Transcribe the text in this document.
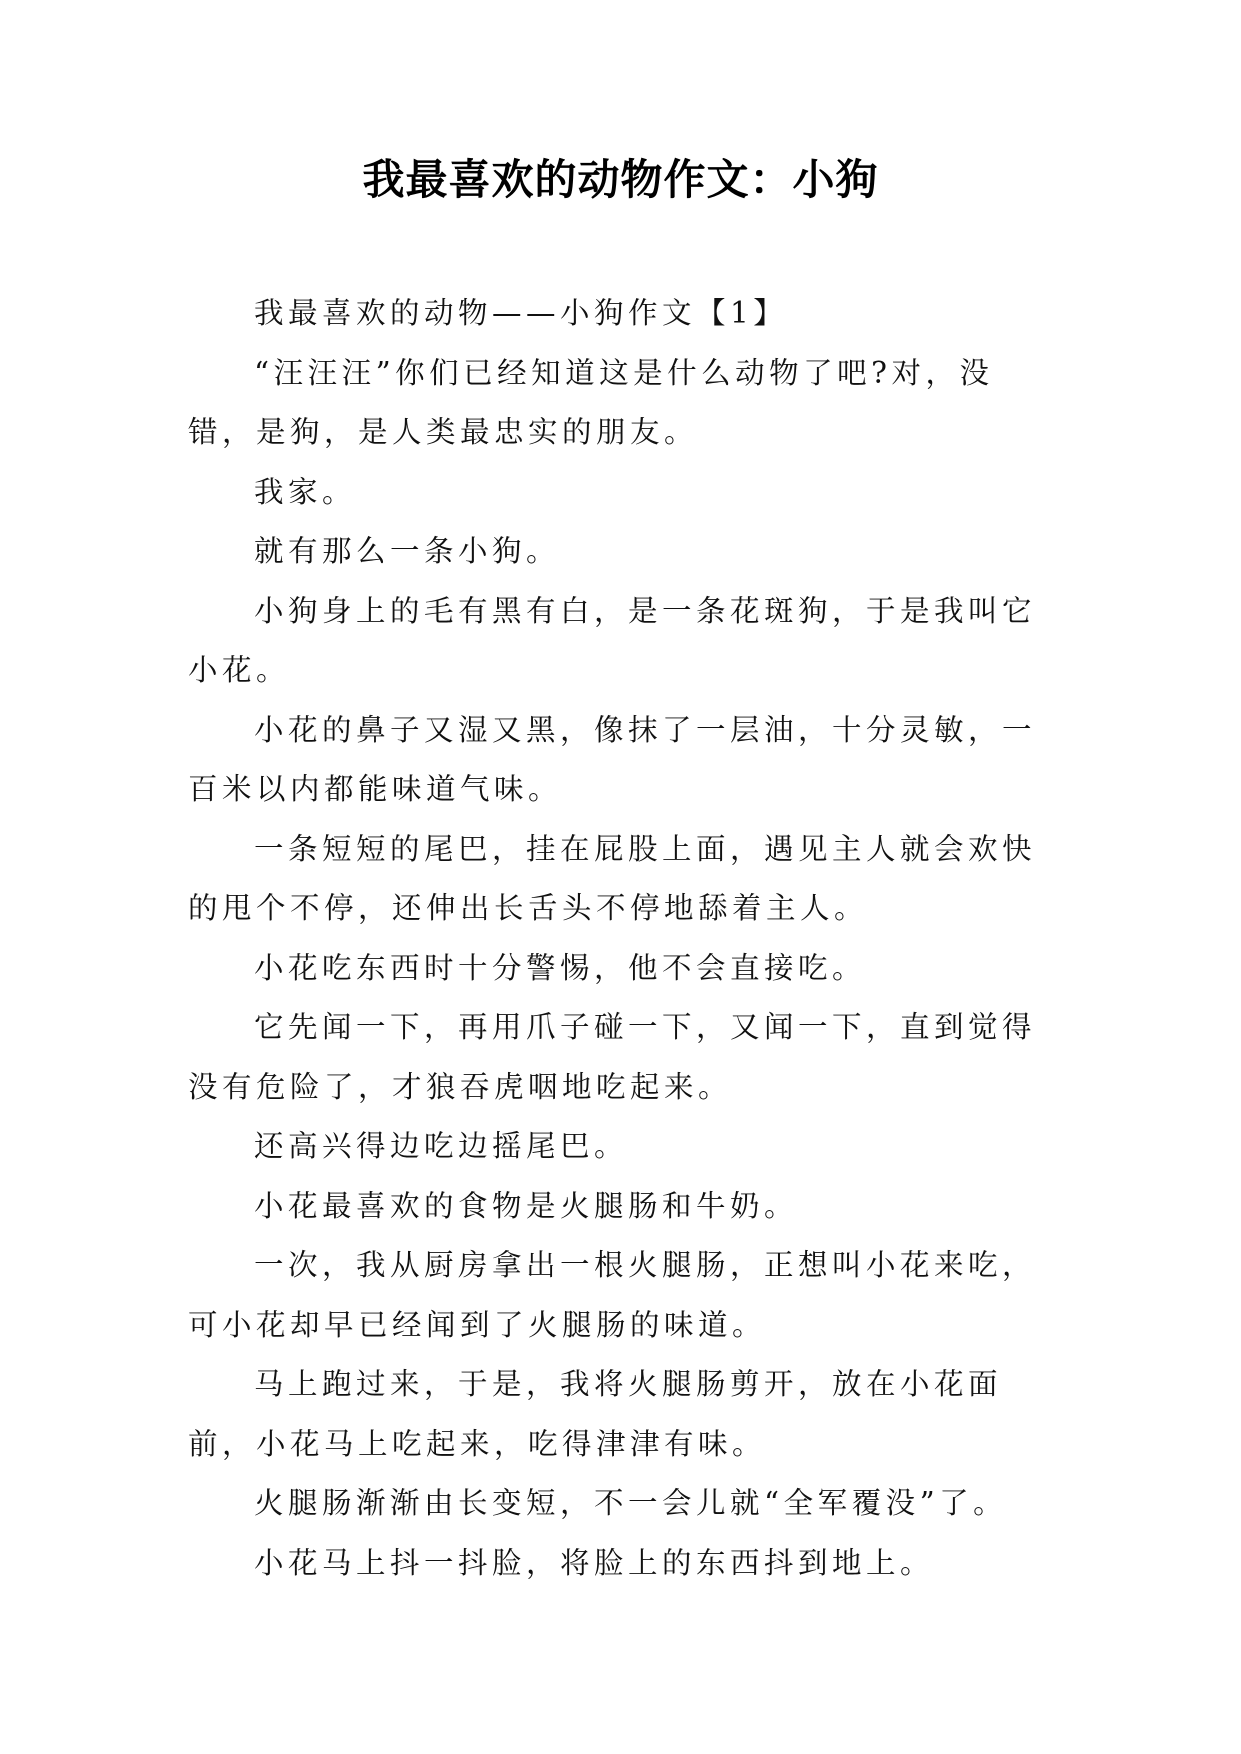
我最喜欢的动物作文：小狗

我最喜欢的动物——小狗作文【1】

“汪汪汪”你们已经知道这是什么动物了吧?对，没错，是狗，是人类最忠实的朋友。

我家。

就有那么一条小狗。

小狗身上的毛有黑有白，是一条花斑狗，于是我叫它小花。

小花的鼻子又湿又黑，像抹了一层油，十分灵敏，一百米以内都能味道气味。

一条短短的尾巴，挂在屁股上面，遇见主人就会欢快的甩个不停，还伸出长舌头不停地舔着主人。

小花吃东西时十分警惕，他不会直接吃。

它先闻一下，再用爪子碰一下，又闻一下，直到觉得没有危险了，才狼吞虎咽地吃起来。

还高兴得边吃边摇尾巴。

小花最喜欢的食物是火腿肠和牛奶。

一次，我从厨房拿出一根火腿肠，正想叫小花来吃，可小花却早已经闻到了火腿肠的味道。

马上跑过来，于是，我将火腿肠剪开，放在小花面前，小花马上吃起来，吃得津津有味。

火腿肠渐渐由长变短，不一会儿就“全军覆没”了。

小花马上抖一抖脸，将脸上的东西抖到地上。
